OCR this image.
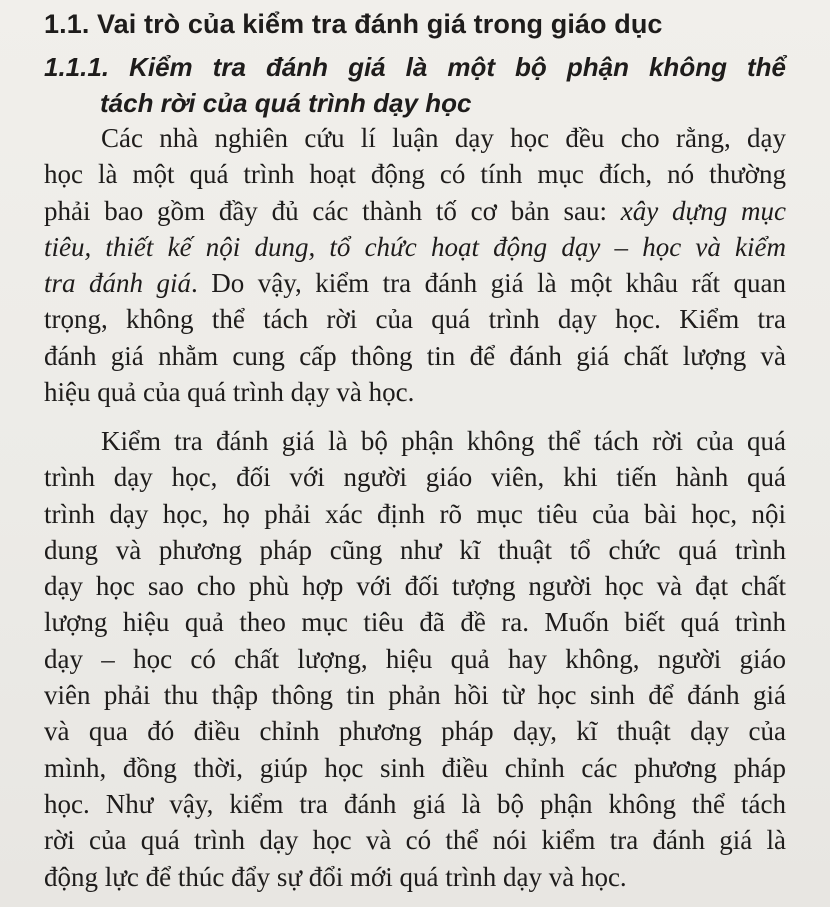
1.1. Vai trò của kiểm tra đánh giá trong giáo dục
1.1.1. Kiểm tra đánh giá là một bộ phận không thể
tách rời của quá trình dạy học
Các nhà nghiên cứu lí luận dạy học đều cho rằng, dạy
học là một quá trình hoạt động có tính mục đích, nó thường
phải bao gồm đầy đủ các thành tố cơ bản sau: xây dựng mục
tiêu, thiết kế nội dung, tổ chức hoạt động dạy – học và kiểm
tra đánh giá. Do vậy, kiểm tra đánh giá là một khâu rất quan
trọng, không thể tách rời của quá trình dạy học. Kiểm tra
đánh giá nhằm cung cấp thông tin để đánh giá chất lượng và
hiệu quả của quá trình dạy và học.
Kiểm tra đánh giá là bộ phận không thể tách rời của quá
trình dạy học, đối với người giáo viên, khi tiến hành quá
trình dạy học, họ phải xác định rõ mục tiêu của bài học, nội
dung và phương pháp cũng như kĩ thuật tổ chức quá trình
dạy học sao cho phù hợp với đối tượng người học và đạt chất
lượng hiệu quả theo mục tiêu đã đề ra. Muốn biết quá trình
dạy – học có chất lượng, hiệu quả hay không, người giáo
viên phải thu thập thông tin phản hồi từ học sinh để đánh giá
và qua đó điều chỉnh phương pháp dạy, kĩ thuật dạy của
mình, đồng thời, giúp học sinh điều chỉnh các phương pháp
học. Như vậy, kiểm tra đánh giá là bộ phận không thể tách
rời của quá trình dạy học và có thể nói kiểm tra đánh giá là
động lực để thúc đẩy sự đổi mới quá trình dạy và học.
